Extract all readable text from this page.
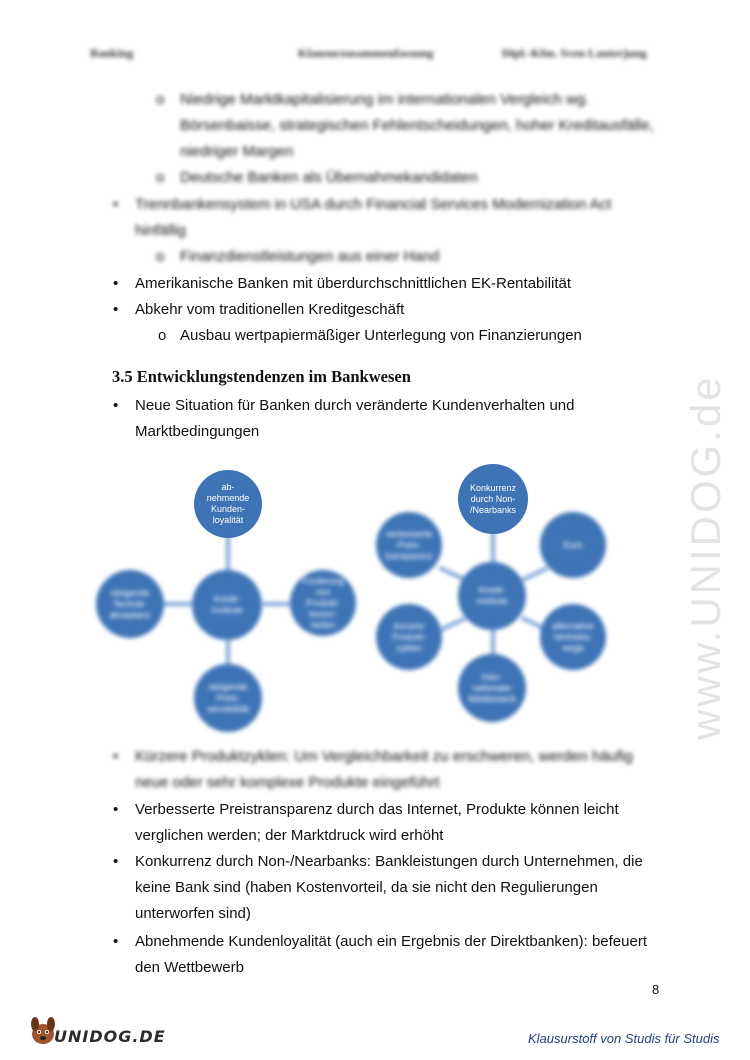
Banking	Klausurzusammenfassung	Dipl.-Kfm. Sven Lauterjung
www.UNIDOG.de
o Niedrige Marktkapitalisierung im internationalen Vergleich wg.
Börsenbaisse, strategischen Fehlentscheidungen, hoher Kreditausfälle,
niedriger Margen
o Deutsche Banken als Übernahmekandidaten
• Trennbankensystem in USA durch Financial Services Modernization Act
hinfällig
o Finanzdienstleistungen aus einer Hand
• Amerikanische Banken mit überdurchschnittlichen EK-Rentabilität
• Abkehr vom traditionellen Kreditgeschäft
o Ausbau wertpapiermäßiger Unterlegung von Finanzierungen
3.5 Entwicklungstendenzen im Bankwesen
• Neue Situation für Banken durch veränderte Kundenverhalten und
Marktbedingungen
ab-
nehmende
Kunden-
loyalität
Kredit-
Institute
steigende
Technik-
akzeptanz
Forderung
von
Produkt-
beson-
heiten
steigende
Preis-
sensibilität
Konkurrenz
durch Non-
/Nearbanks
Kredit-
institute
verbesserte
Preis-
transparenz
Euro
kürzere
Produkt-
zyklen
alternative
Vertriebs-
wege
inter-
nationaler
Wettbewerb
• Kürzere Produktzyklen: Um Vergleichbarkeit zu erschweren, werden häufig
neue oder sehr komplexe Produkte eingeführt
• Verbesserte Preistransparenz durch das Internet, Produkte können leicht
verglichen werden; der Marktdruck wird erhöht
• Konkurrenz durch Non-/Nearbanks: Bankleistungen durch Unternehmen, die
keine Bank sind (haben Kostenvorteil, da sie nicht den Regulierungen
unterworfen sind)
• Abnehmende Kundenloyalität (auch ein Ergebnis der Direktbanken): befeuert
den Wettbewerb
8
UNIDOG.DE	Klausurstoff von Studis für Studis
